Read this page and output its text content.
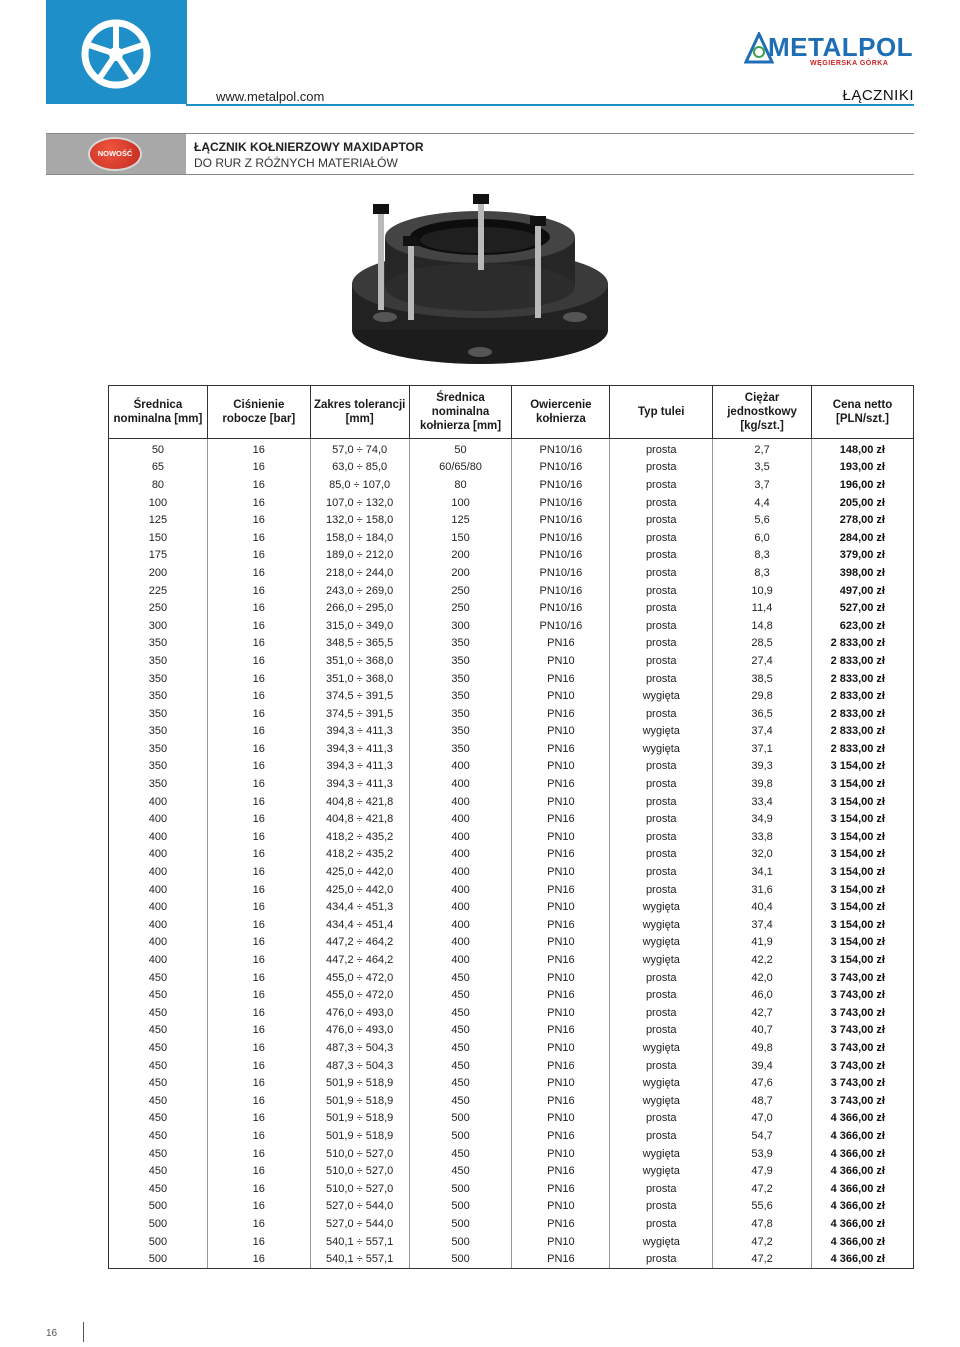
www.metalpol.com	ŁĄCZNIKI
METALPOL
WĘGIERSKA GÓRKA
NOWOŚĆ	ŁĄCZNIK KOŁNIERZOWY MAXIDAPTOR
DO RUR Z RÓŻNYCH MATERIAŁÓW
Średnica nominalna [mm]	Ciśnienie robocze [bar]	Zakres tolerancji [mm]	Średnica nominalna kołnierza [mm]	Owiercenie kołnierza	Typ tulei	Ciężar jednostkowy [kg/szt.]	Cena netto [PLN/szt.]
50	16	57,0 ÷ 74,0	50	PN10/16	prosta	2,7	148,00 zł
65	16	63,0 ÷ 85,0	60/65/80	PN10/16	prosta	3,5	193,00 zł
80	16	85,0 ÷ 107,0	80	PN10/16	prosta	3,7	196,00 zł
100	16	107,0 ÷ 132,0	100	PN10/16	prosta	4,4	205,00 zł
125	16	132,0 ÷ 158,0	125	PN10/16	prosta	5,6	278,00 zł
150	16	158,0 ÷ 184,0	150	PN10/16	prosta	6,0	284,00 zł
175	16	189,0 ÷ 212,0	200	PN10/16	prosta	8,3	379,00 zł
200	16	218,0 ÷ 244,0	200	PN10/16	prosta	8,3	398,00 zł
225	16	243,0 ÷ 269,0	250	PN10/16	prosta	10,9	497,00 zł
250	16	266,0 ÷ 295,0	250	PN10/16	prosta	11,4	527,00 zł
300	16	315,0 ÷ 349,0	300	PN10/16	prosta	14,8	623,00 zł
350	16	348,5 ÷ 365,5	350	PN16	prosta	28,5	2 833,00 zł
350	16	351,0 ÷ 368,0	350	PN10	prosta	27,4	2 833,00 zł
350	16	351,0 ÷ 368,0	350	PN16	prosta	38,5	2 833,00 zł
350	16	374,5 ÷ 391,5	350	PN10	wygięta	29,8	2 833,00 zł
350	16	374,5 ÷ 391,5	350	PN16	prosta	36,5	2 833,00 zł
350	16	394,3 ÷ 411,3	350	PN10	wygięta	37,4	2 833,00 zł
350	16	394,3 ÷ 411,3	350	PN16	wygięta	37,1	2 833,00 zł
350	16	394,3 ÷ 411,3	400	PN10	prosta	39,3	3 154,00 zł
350	16	394,3 ÷ 411,3	400	PN16	prosta	39,8	3 154,00 zł
400	16	404,8 ÷ 421,8	400	PN10	prosta	33,4	3 154,00 zł
400	16	404,8 ÷ 421,8	400	PN16	prosta	34,9	3 154,00 zł
400	16	418,2 ÷ 435,2	400	PN10	prosta	33,8	3 154,00 zł
400	16	418,2 ÷ 435,2	400	PN16	prosta	32,0	3 154,00 zł
400	16	425,0 ÷ 442,0	400	PN10	prosta	34,1	3 154,00 zł
400	16	425,0 ÷ 442,0	400	PN16	prosta	31,6	3 154,00 zł
400	16	434,4 ÷ 451,3	400	PN10	wygięta	40,4	3 154,00 zł
400	16	434,4 ÷ 451,4	400	PN16	wygięta	37,4	3 154,00 zł
400	16	447,2 ÷ 464,2	400	PN10	wygięta	41,9	3 154,00 zł
400	16	447,2 ÷ 464,2	400	PN16	wygięta	42,2	3 154,00 zł
450	16	455,0 ÷ 472,0	450	PN10	prosta	42,0	3 743,00 zł
450	16	455,0 ÷ 472,0	450	PN16	prosta	46,0	3 743,00 zł
450	16	476,0 ÷ 493,0	450	PN10	prosta	42,7	3 743,00 zł
450	16	476,0 ÷ 493,0	450	PN16	prosta	40,7	3 743,00 zł
450	16	487,3 ÷ 504,3	450	PN10	wygięta	49,8	3 743,00 zł
450	16	487,3 ÷ 504,3	450	PN16	prosta	39,4	3 743,00 zł
450	16	501,9 ÷ 518,9	450	PN10	wygięta	47,6	3 743,00 zł
450	16	501,9 ÷ 518,9	450	PN16	wygięta	48,7	3 743,00 zł
450	16	501,9 ÷ 518,9	500	PN10	prosta	47,0	4 366,00 zł
450	16	501,9 ÷ 518,9	500	PN16	prosta	54,7	4 366,00 zł
450	16	510,0 ÷ 527,0	450	PN10	wygięta	53,9	4 366,00 zł
450	16	510,0 ÷ 527,0	450	PN16	wygięta	47,9	4 366,00 zł
450	16	510,0 ÷ 527,0	500	PN16	prosta	47,2	4 366,00 zł
500	16	527,0 ÷ 544,0	500	PN10	prosta	55,6	4 366,00 zł
500	16	527,0 ÷ 544,0	500	PN16	prosta	47,8	4 366,00 zł
500	16	540,1 ÷ 557,1	500	PN10	wygięta	47,2	4 366,00 zł
500	16	540,1 ÷ 557,1	500	PN16	prosta	47,2	4 366,00 zł
16
